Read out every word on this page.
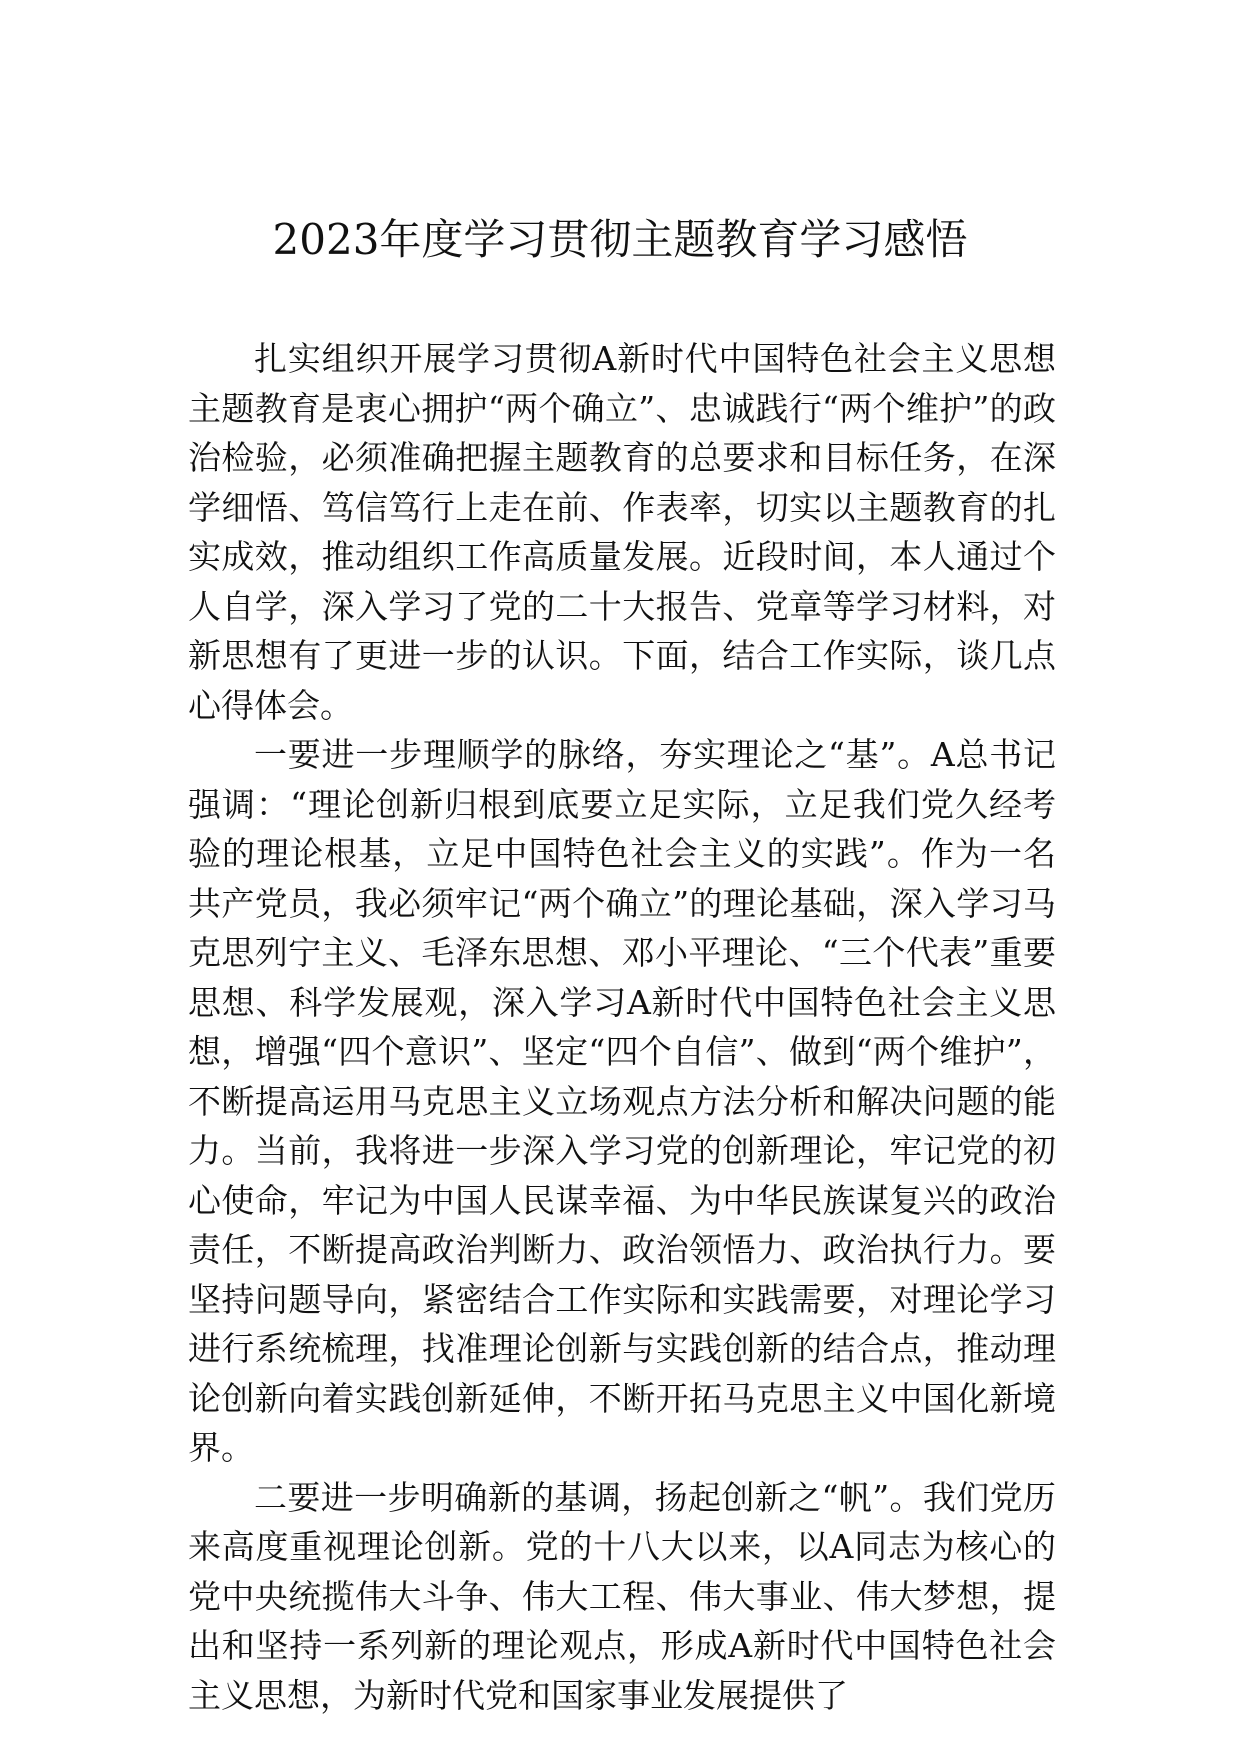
2023年度学习贯彻主题教育学习感悟

扎实组织开展学习贯彻A新时代中国特色社会主义思想主题教育是衷心拥护“两个确立”、忠诚践行“两个维护”的政治检验，必须准确把握主题教育的总要求和目标任务，在深学细悟、笃信笃行上走在前、作表率，切实以主题教育的扎实成效，推动组织工作高质量发展。近段时间，本人通过个人自学，深入学习了党的二十大报告、党章等学习材料，对新思想有了更进一步的认识。下面，结合工作实际，谈几点心得体会。

一要进一步理顺学的脉络，夯实理论之“基”。A总书记强调：“理论创新归根到底要立足实际，立足我们党久经考验的理论根基，立足中国特色社会主义的实践”。作为一名共产党员，我必须牢记“两个确立”的理论基础，深入学习马克思列宁主义、毛泽东思想、邓小平理论、“三个代表”重要思想、科学发展观，深入学习A新时代中国特色社会主义思想，增强“四个意识”、坚定“四个自信”、做到“两个维护”，不断提高运用马克思主义立场观点方法分析和解决问题的能力。当前，我将进一步深入学习党的创新理论，牢记党的初心使命，牢记为中国人民谋幸福、为中华民族谋复兴的政治责任，不断提高政治判断力、政治领悟力、政治执行力。要坚持问题导向，紧密结合工作实际和实践需要，对理论学习进行系统梳理，找准理论创新与实践创新的结合点，推动理论创新向着实践创新延伸，不断开拓马克思主义中国化新境界。

二要进一步明确新的基调，扬起创新之“帆”。我们党历来高度重视理论创新。党的十八大以来，以A同志为核心的党中央统揽伟大斗争、伟大工程、伟大事业、伟大梦想，提出和坚持一系列新的理论观点，形成A新时代中国特色社会主义思想，为新时代党和国家事业发展提供了
